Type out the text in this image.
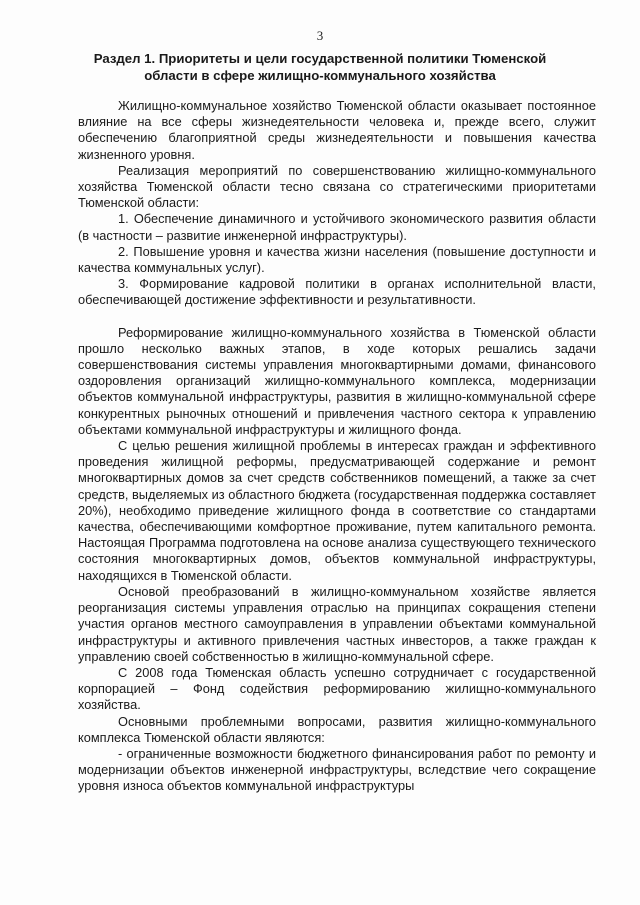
3
Раздел 1. Приоритеты и цели государственной политики Тюменской области в сфере жилищно-коммунального хозяйства

Жилищно-коммунальное хозяйство Тюменской области оказывает постоянное влияние на все сферы жизнедеятельности человека и, прежде всего, служит обеспечению благоприятной среды жизнедеятельности и повышения качества жизненного уровня.

Реализация мероприятий по совершенствованию жилищно-коммунального хозяйства Тюменской области тесно связана со стратегическими приоритетами Тюменской области:

1. Обеспечение динамичного и устойчивого экономического развития области (в частности – развитие инженерной инфраструктуры).

2. Повышение уровня и качества жизни населения (повышение доступности и качества коммунальных услуг).

3. Формирование кадровой политики в органах исполнительной власти, обеспечивающей достижение эффективности и результативности.

Реформирование жилищно-коммунального хозяйства в Тюменской области прошло несколько важных этапов, в ходе которых решались задачи совершенствования системы управления многоквартирными домами, финансового оздоровления организаций жилищно-коммунального комплекса, модернизации объектов коммунальной инфраструктуры, развития в жилищно-коммунальной сфере конкурентных рыночных отношений и привлечения частного сектора к управлению объектами коммунальной инфраструктуры и жилищного фонда.

С целью решения жилищной проблемы в интересах граждан и эффективного проведения жилищной реформы, предусматривающей содержание и ремонт многоквартирных домов за счет средств собственников помещений, а также за счет средств, выделяемых из областного бюджета (государственная поддержка составляет 20%), необходимо приведение жилищного фонда в соответствие со стандартами качества, обеспечивающими комфортное проживание, путем капитального ремонта. Настоящая Программа подготовлена на основе анализа существующего технического состояния многоквартирных домов, объектов коммунальной инфраструктуры, находящихся в Тюменской области.

Основой преобразований в жилищно-коммунальном хозяйстве является реорганизация системы управления отраслью на принципах сокращения степени участия органов местного самоуправления в управлении объектами коммунальной инфраструктуры и активного привлечения частных инвесторов, а также граждан к управлению своей собственностью в жилищно-коммунальной сфере.

С 2008 года Тюменская область успешно сотрудничает с государственной корпорацией – Фонд содействия реформированию жилищно-коммунального хозяйства.

Основными проблемными вопросами, развития жилищно-коммунального комплекса Тюменской области являются:

- ограниченные возможности бюджетного финансирования работ по ремонту и модернизации объектов инженерной инфраструктуры, вследствие чего сокращение уровня износа объектов коммунальной инфраструктуры
